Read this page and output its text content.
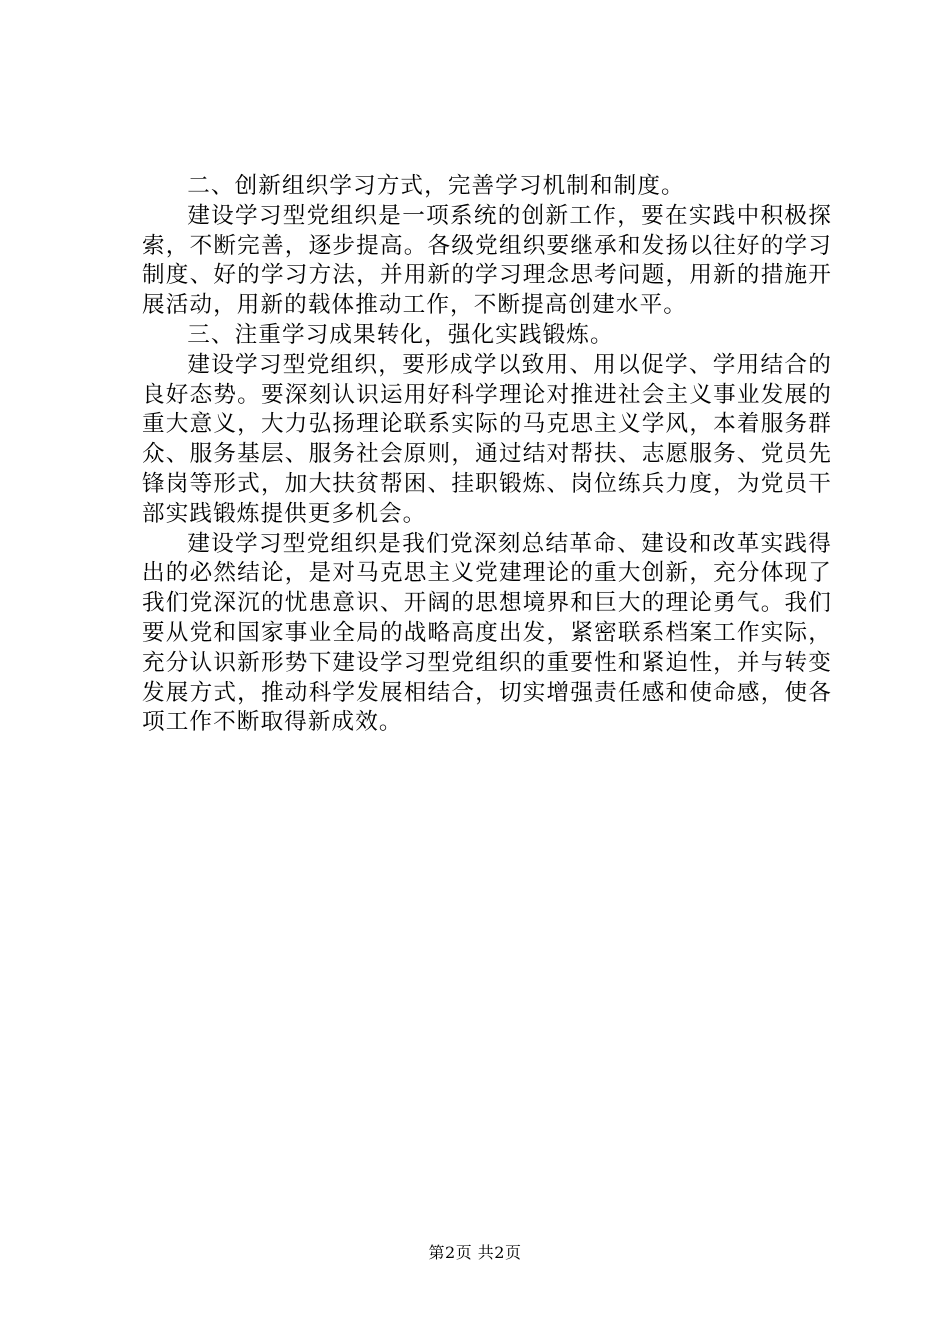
二、创新组织学习方式，完善学习机制和制度。

建设学习型党组织是一项系统的创新工作，要在实践中积极探索，不断完善，逐步提高。各级党组织要继承和发扬以往好的学习制度、好的学习方法，并用新的学习理念思考问题，用新的措施开展活动，用新的载体推动工作，不断提高创建水平。

三、注重学习成果转化，强化实践锻炼。

建设学习型党组织，要形成学以致用、用以促学、学用结合的良好态势。要深刻认识运用好科学理论对推进社会主义事业发展的重大意义，大力弘扬理论联系实际的马克思主义学风，本着服务群众、服务基层、服务社会原则，通过结对帮扶、志愿服务、党员先锋岗等形式，加大扶贫帮困、挂职锻炼、岗位练兵力度，为党员干部实践锻炼提供更多机会。

建设学习型党组织是我们党深刻总结革命、建设和改革实践得出的必然结论，是对马克思主义党建理论的重大创新，充分体现了我们党深沉的忧患意识、开阔的思想境界和巨大的理论勇气。我们要从党和国家事业全局的战略高度出发，紧密联系档案工作实际，充分认识新形势下建设学习型党组织的重要性和紧迫性，并与转变发展方式，推动科学发展相结合，切实增强责任感和使命感，使各项工作不断取得新成效。

第2页 共2页
